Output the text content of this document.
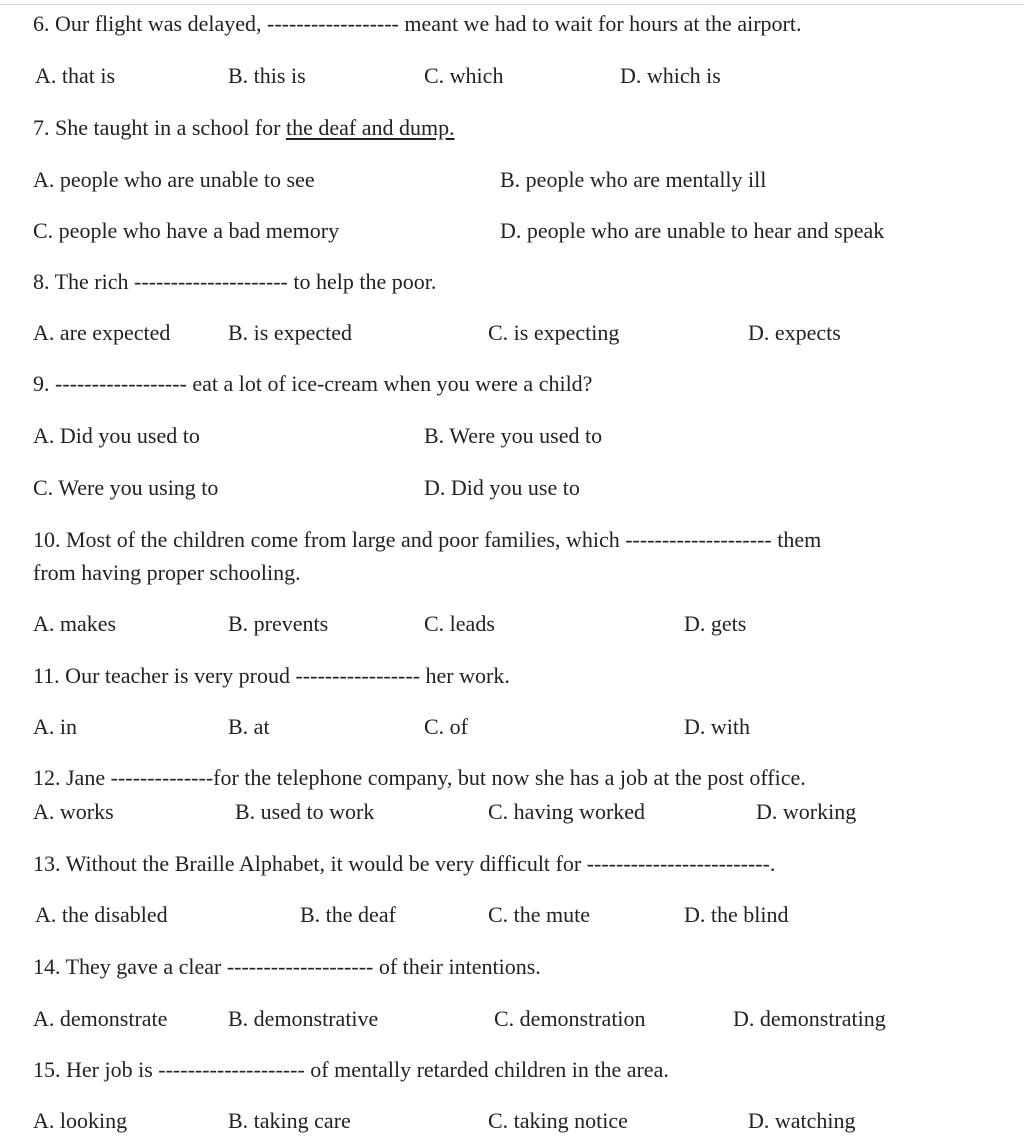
6. Our flight was delayed, ------------------ meant we had to wait for hours at the airport.
A. that is	B. this is	C. which	D. which is
7. She taught in a school for the deaf and dump.
A. people who are unable to see	B. people who are mentally ill
C. people who have a bad memory	D. people who are unable to hear and speak
8. The rich --------------------- to help the poor.
A. are expected	B. is expected	C. is expecting	D. expects
9. ------------------ eat a lot of ice-cream when you were a child?
A. Did you used to	B. Were you used to
C. Were you using to	D. Did you use to
10. Most of the children come from large and poor families, which -------------------- them
from having proper schooling.
A. makes	B. prevents	C. leads	D. gets
11. Our teacher is very proud ----------------- her work.
A. in	B. at	C. of	D. with
12. Jane --------------for the telephone company, but now she has a job at the post office.
A. works	B. used to work	C. having worked	D. working
13. Without the Braille Alphabet, it would be very difficult for -------------------------.
A. the disabled	B. the deaf	C. the mute	D. the blind
14. They gave a clear -------------------- of their intentions.
A. demonstrate	B. demonstrative	C. demonstration	D. demonstrating
15. Her job is -------------------- of mentally retarded children in the area.
A. looking	B. taking care	C. taking notice	D. watching
